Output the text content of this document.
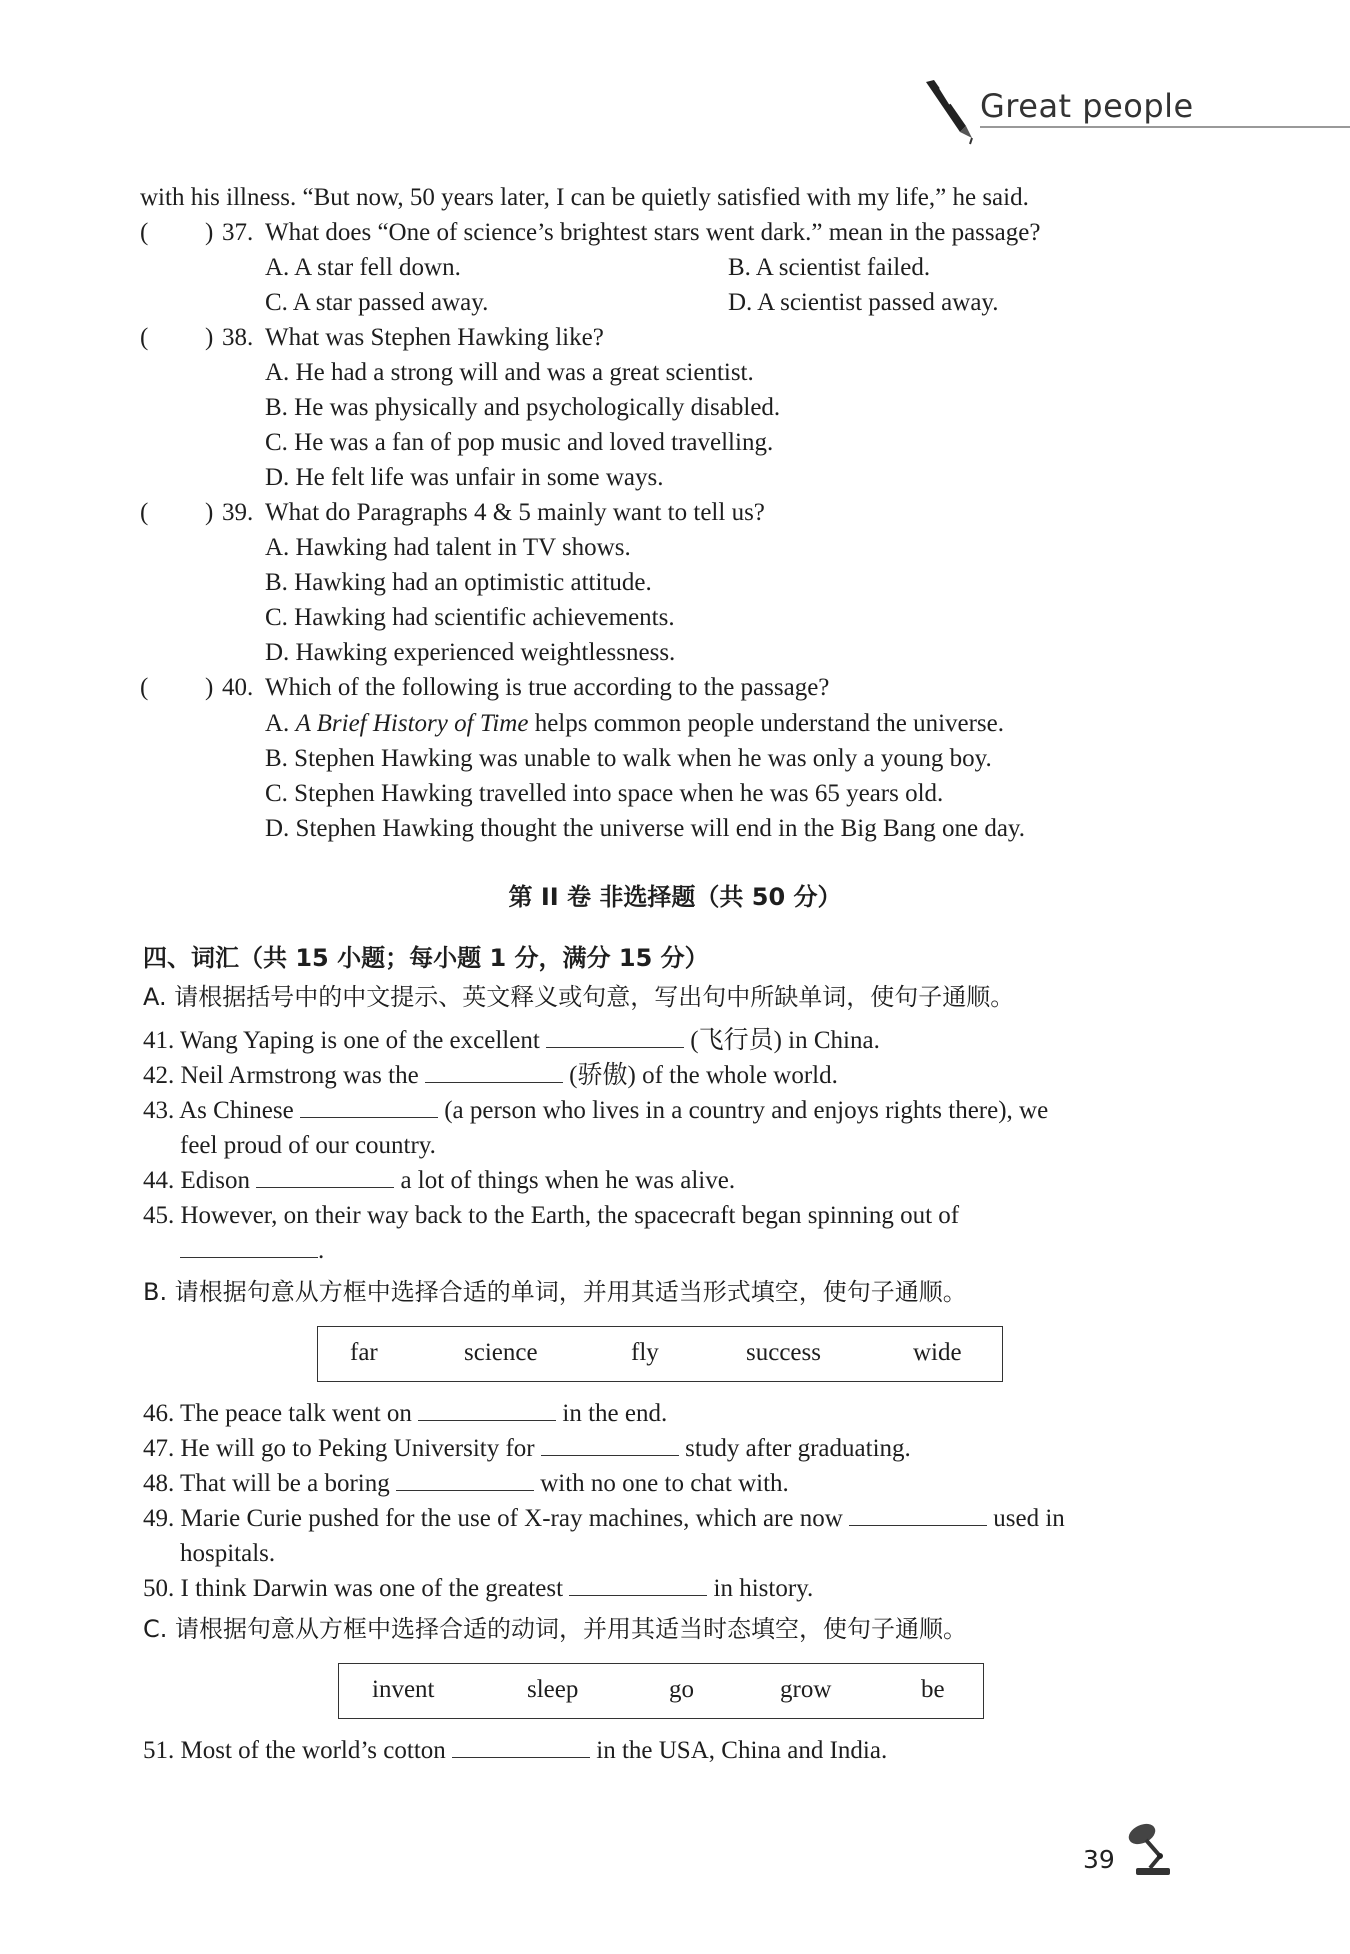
Great people
with his illness. “But now, 50 years later, I can be quietly satisfied with my life,” he said.
( ) 37. What does “One of science’s brightest stars went dark.” mean in the passage?
A. A star fell down.	B. A scientist failed.
C. A star passed away.	D. A scientist passed away.
( ) 38. What was Stephen Hawking like?
A. He had a strong will and was a great scientist.
B. He was physically and psychologically disabled.
C. He was a fan of pop music and loved travelling.
D. He felt life was unfair in some ways.
( ) 39. What do Paragraphs 4 & 5 mainly want to tell us?
A. Hawking had talent in TV shows.
B. Hawking had an optimistic attitude.
C. Hawking had scientific achievements.
D. Hawking experienced weightlessness.
( ) 40. Which of the following is true according to the passage?
A. A Brief History of Time helps common people understand the universe.
B. Stephen Hawking was unable to walk when he was only a young boy.
C. Stephen Hawking travelled into space when he was 65 years old.
D. Stephen Hawking thought the universe will end in the Big Bang one day.
第 II 卷 非选择题（共 50 分）
四、词汇（共 15 小题；每小题 1 分，满分 15 分）
A. 请根据括号中的中文提示、英文释义或句意，写出句中所缺单词，使句子通顺。
41. Wang Yaping is one of the excellent	(飞行员) in China.
42. Neil Armstrong was the	(骄傲) of the whole world.
43. As Chinese	(a person who lives in a country and enjoys rights there), we
feel proud of our country.
44. Edison	a lot of things when he was alive.
45. However, on their way back to the Earth, the spacecraft began spinning out of
.
B. 请根据句意从方框中选择合适的单词，并用其适当形式填空，使句子通顺。
far	science	fly	success	wide
46. The peace talk went on	in the end.
47. He will go to Peking University for	study after graduating.
48. That will be a boring	with no one to chat with.
49. Marie Curie pushed for the use of X-ray machines, which are now	used in
hospitals.
50. I think Darwin was one of the greatest	in history.
C. 请根据句意从方框中选择合适的动词，并用其适当时态填空，使句子通顺。
invent	sleep	go	grow	be
51. Most of the world’s cotton	in the USA, China and India.
39
